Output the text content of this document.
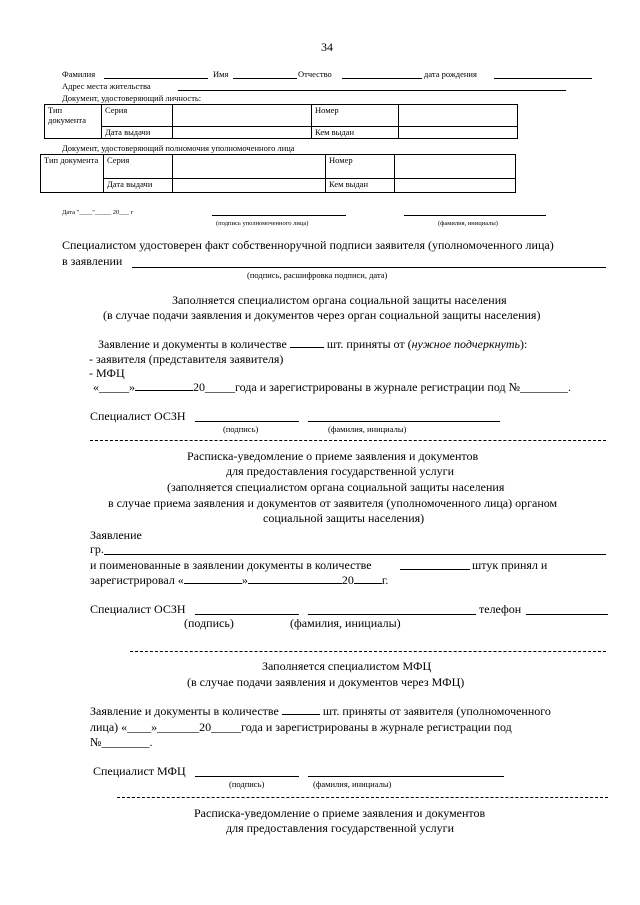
34
Фамилия	Имя	Отчество	дата рождения
Адрес места жительства
Документ, удостоверяющий личность:
Тип документа	Серия		Номер	
	Дата выдачи		Кем выдан	
Документ, удостоверяющий полномочия уполномоченного лица
Тип документа	Серия		Номер	
	Дата выдачи		Кем выдан	
Дата "____"_____ 20___ г
(подпись уполномоченного лица)	(фамилия, инициалы)
Специалистом удостоверен факт собственноручной подписи заявителя (уполномоченного лица)
в заявлении
(подпись, расшифровка подписи, дата)
Заполняется специалистом органа социальной защиты населения
(в случае подачи заявления и документов через орган социальной защиты населения)
Заявление и документы в количестве	шт. приняты от (нужное подчеркнуть):
- заявителя (представителя заявителя)
- МФЦ
«_____»	20_____года и зарегистрированы в журнале регистрации под №________.
Специалист ОСЗН
(подпись)	(фамилия, инициалы)
Расписка-уведомление о приеме заявления и документов
для предоставления государственной услуги
(заполняется специалистом органа социальной защиты населения
в случае приема заявления и документов от заявителя (уполномоченного лица) органом
социальной защиты населения)
Заявление
гр.
и поименованные в заявлении документы в количестве	штук принял и
зарегистрировал «	»	20 г.
Специалист ОСЗН	телефон
(подпись)	(фамилия, инициалы)
Заполняется специалистом МФЦ
(в случае подачи заявления и документов через МФЦ)
Заявление и документы в количестве	шт. приняты от заявителя (уполномоченного
лица) «____»_______20_____года и зарегистрированы в журнале регистрации под
№________.
Специалист МФЦ
(подпись)	(фамилия, инициалы)
Расписка-уведомление о приеме заявления и документов
для предоставления государственной услуги
